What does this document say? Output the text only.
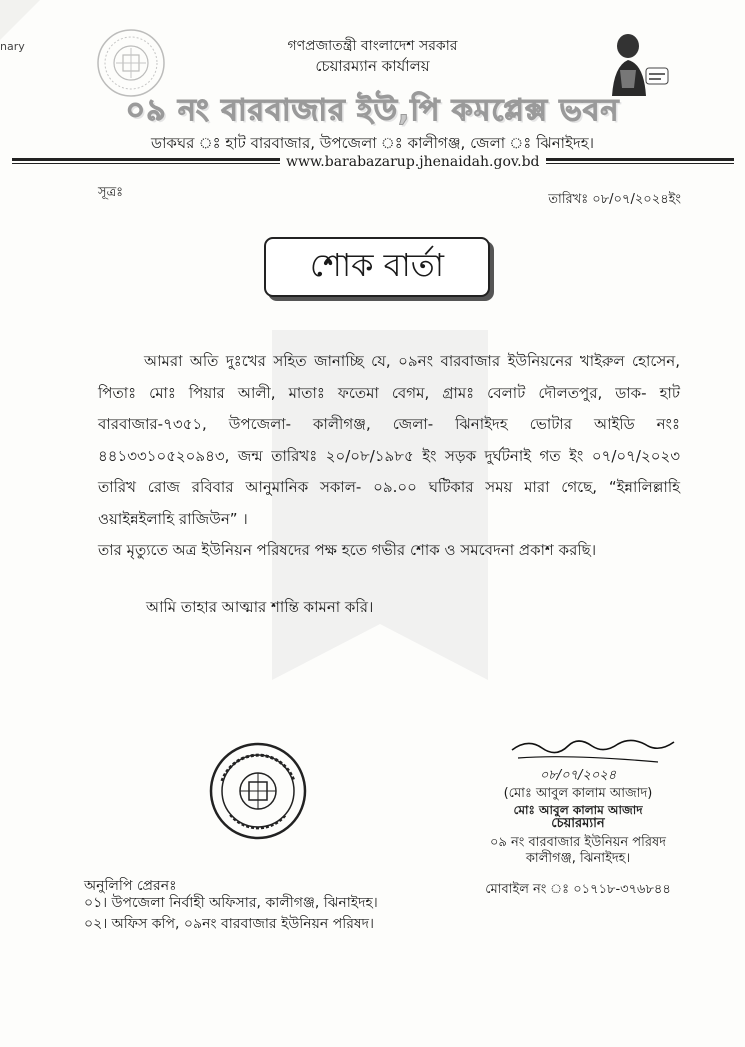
nary	গণপ্রজাতন্ত্রী বাংলাদেশ সরকার
চেয়ারম্যান কার্যালয়
০৯ নং বারবাজার ইউ,পি কমপ্লেক্স ভবন
ডাকঘর ঃ হাট বারবাজার, উপজেলা ঃ কালীগঞ্জ, জেলা ঃ ঝিনাইদহ।
www.barabazarup.jhenaidah.gov.bd
সূত্রঃ	তারিখঃ ০৮/০৭/২০২৪ইং
শোক বার্তা

আমরা অতি দুঃখের সহিত জানাচ্ছি যে, ০৯নং বারবাজার ইউনিয়নের খাইরুল হোসেন, পিতাঃ মোঃ পিয়ার আলী, মাতাঃ ফতেমা বেগম, গ্রামঃ বেলাট দৌলতপুর, ডাক- হাট বারবাজার-৭৩৫১, উপজেলা- কালীগঞ্জ, জেলা- ঝিনাইদহ ভোটার আইডি নংঃ ৪৪১৩৩১০৫২০৯৪৩, জন্ম তারিখঃ ২০/০৮/১৯৮৫ ইং সড়ক দুর্ঘটনাই গত ইং ০৭/০৭/২০২৩ তারিখ রোজ রবিবার আনুমানিক সকাল- ০৯.০০ ঘটিকার সময় মারা গেছে, “ইন্নালিল্লাহি ওয়াইন্নইলাহি রাজিউন” ।

তার মৃত্যুতে অত্র ইউনিয়ন পরিষদের পক্ষ হতে গভীর শোক ও সমবেদনা প্রকাশ করছি।
আমি তাহার আত্মার শান্তি কামনা করি।
০৮/০৭/২০২৪
(মোঃ আবুল কালাম আজাদ)
মোঃ আবুল কালাম আজাদ
চেয়ারম্যান
০৯ নং বারবাজার ইউনিয়ন পরিষদ
কালীগঞ্জ, ঝিনাইদহ।
মোবাইল নং ঃ ০১৭১৮-৩৭৬৮৪৪
অনুলিপি প্রেরনঃ
০১। উপজেলা নির্বাহী অফিসার, কালীগঞ্জ, ঝিনাইদহ।
০২। অফিস কপি, ০৯নং বারবাজার ইউনিয়ন পরিষদ।
